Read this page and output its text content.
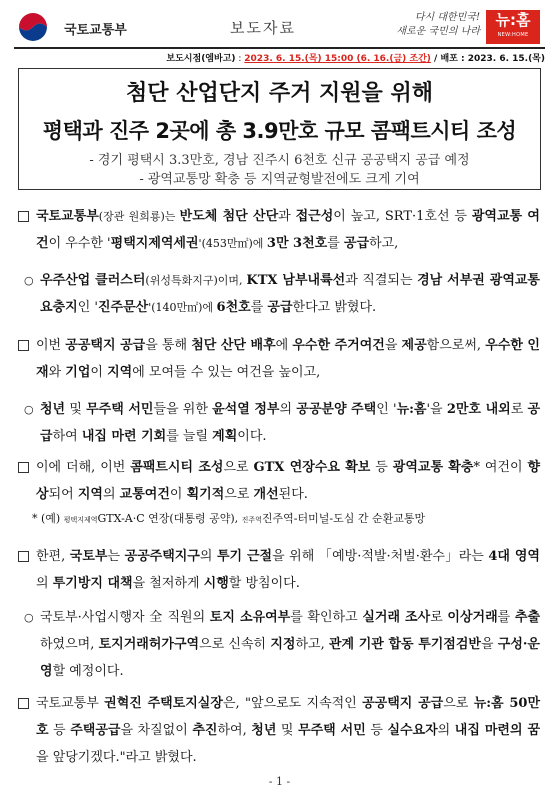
국토교통부	보도자료
다시 대한민국!
새로운 국민의 나라
뉴:홈
NEW:HOME
보도시점(엠바고) : 2023. 6. 15.(목) 15:00 (6. 16.(금) 조간) / 배포 : 2023. 6. 15.(목)
첨단 산업단지 주거 지원을 위해
평택과 진주 2곳에 총 3.9만호 규모 콤팩트시티 조성
- 경기 평택시 3.3만호, 경남 진주시 6천호 신규 공공택지 공급 예정
- 광역교통망 확충 등 지역균형발전에도 크게 기여
국토교통부(장관 원희룡)는 반도체 첨단 산단과 접근성이 높고, SRT·1호선 등 광역교통 여건이 우수한 '평택지제역세권'(453만㎡)에 3만 3천호를 공급하고,
○ 우주산업 클러스터(위성특화지구)이며, KTX 남부내륙선과 직결되는 경남 서부권 광역교통 요충지인 '진주문산'(140만㎡)에 6천호를 공급한다고 밝혔다.
이번 공공택지 공급을 통해 첨단 산단 배후에 우수한 주거여건을 제공함으로써, 우수한 인재와 기업이 지역에 모여들 수 있는 여건을 높이고,
○ 청년 및 무주택 서민들을 위한 윤석열 정부의 공공분양 주택인 '뉴:홈'을 2만호 내외로 공급하여 내집 마련 기회를 늘릴 계획이다.
이에 더해, 이번 콤팩트시티 조성으로 GTX 연장수요 확보 등 광역교통 확충* 여건이 향상되어 지역의 교통여건이 획기적으로 개선된다.
* (예) 평택지제역GTX-A·C 연장(대통령 공약), 진주역진주역-터미널-도심 간 순환교통망
한편, 국토부는 공공주택지구의 투기 근절을 위해 「예방·적발·처벌·환수」라는 4대 영역의 투기방지 대책을 철저하게 시행할 방침이다.
○ 국토부·사업시행자 全 직원의 토지 소유여부를 확인하고 실거래 조사로 이상거래를 추출하였으며, 토지거래허가구역으로 신속히 지정하고, 관계 기관 합동 투기점검반을 구성·운영할 예정이다.
국토교통부 권혁진 주택토지실장은, "앞으로도 지속적인 공공택지 공급으로 뉴:홈 50만호 등 주택공급을 차질없이 추진하여, 청년 및 무주택 서민 등 실수요자의 내집 마련의 꿈을 앞당기겠다."라고 밝혔다.
- 1 -
